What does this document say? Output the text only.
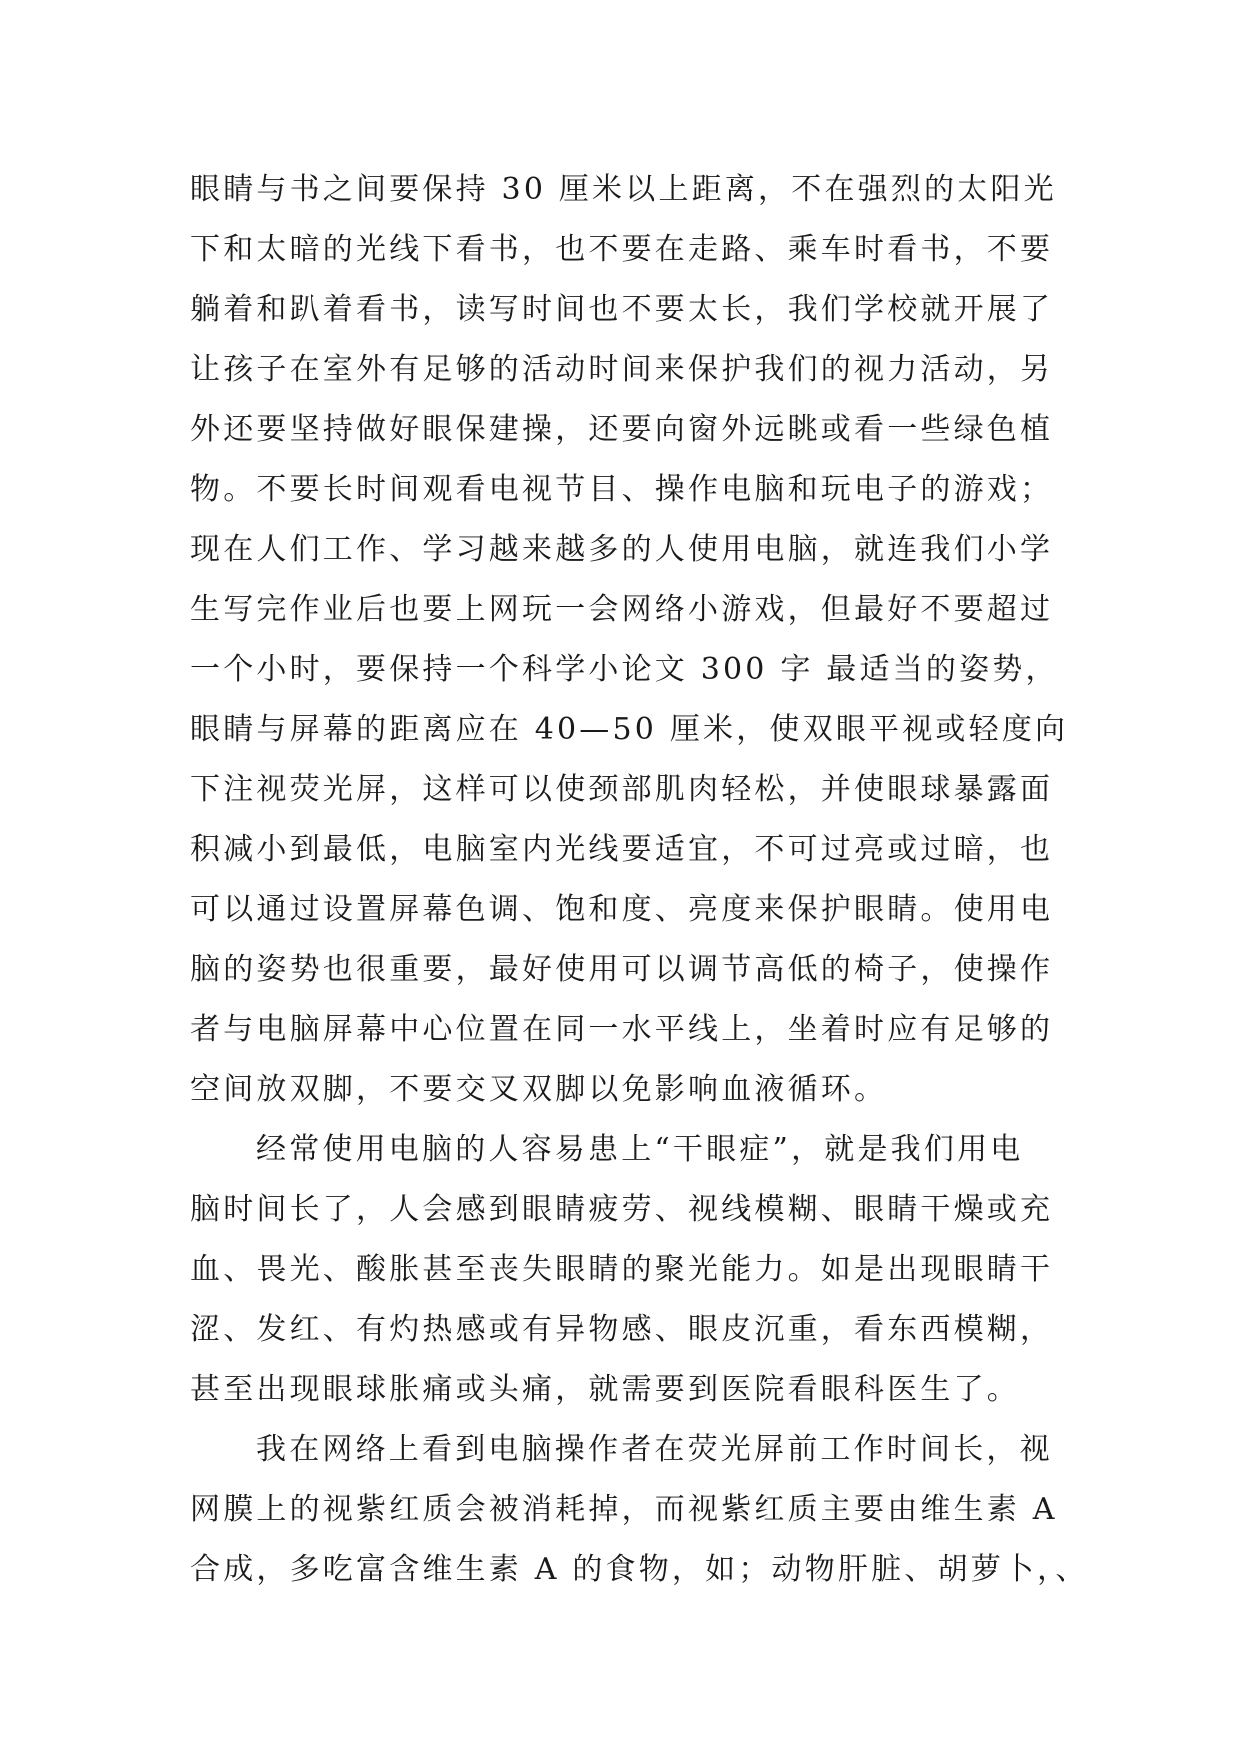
眼睛与书之间要保持 30 厘米以上距离，不在强烈的太阳光
下和太暗的光线下看书，也不要在走路、乘车时看书，不要
躺着和趴着看书，读写时间也不要太长，我们学校就开展了
让孩子在室外有足够的活动时间来保护我们的视力活动，另
外还要坚持做好眼保建操，还要向窗外远眺或看一些绿色植
物。不要长时间观看电视节目、操作电脑和玩电子的游戏；
现在人们工作、学习越来越多的人使用电脑，就连我们小学
生写完作业后也要上网玩一会网络小游戏，但最好不要超过
一个小时，要保持一个科学小论文 300 字 最适当的姿势，
眼睛与屏幕的距离应在 40—50 厘米，使双眼平视或轻度向
下注视荧光屏，这样可以使颈部肌肉轻松，并使眼球暴露面
积减小到最低，电脑室内光线要适宜，不可过亮或过暗，也
可以通过设置屏幕色调、饱和度、亮度来保护眼睛。使用电
脑的姿势也很重要，最好使用可以调节高低的椅子，使操作
者与电脑屏幕中心位置在同一水平线上，坐着时应有足够的
空间放双脚，不要交叉双脚以免影响血液循环。
经常使用电脑的人容易患上“干眼症”，就是我们用电
脑时间长了，人会感到眼睛疲劳、视线模糊、眼睛干燥或充
血、畏光、酸胀甚至丧失眼睛的聚光能力。如是出现眼睛干
涩、发红、有灼热感或有异物感、眼皮沉重，看东西模糊，
甚至出现眼球胀痛或头痛，就需要到医院看眼科医生了。
我在网络上看到电脑操作者在荧光屏前工作时间长，视
网膜上的视紫红质会被消耗掉，而视紫红质主要由维生素 A
合成，多吃富含维生素 A 的食物，如；动物肝脏、胡萝卜，、
